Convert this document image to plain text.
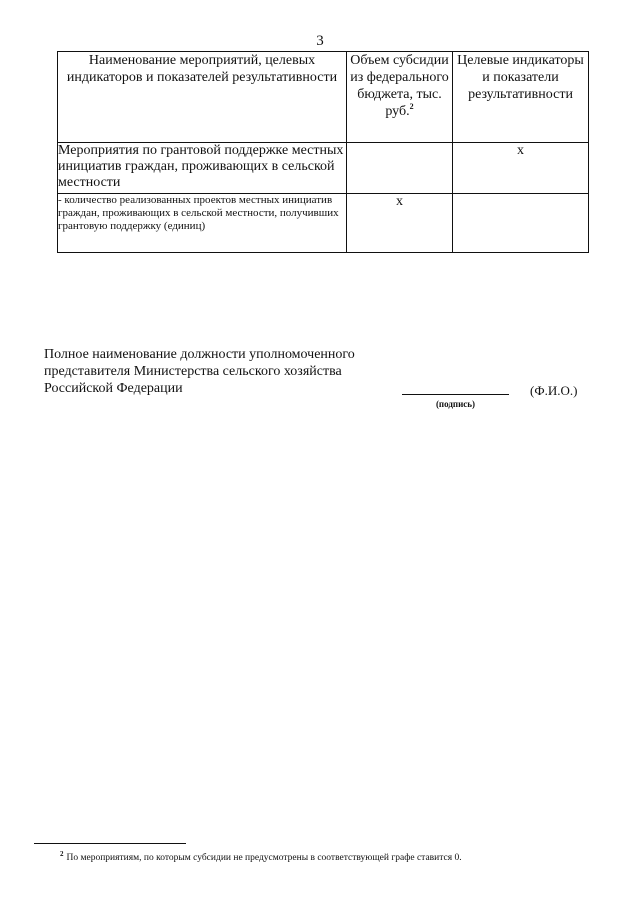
3
Наименование мероприятий, целевых индикаторов и показателей результативности	Объем субсидии из федерального бюджета, тыс. руб.$^2$	Целевые индикаторы и показатели результативности
Мероприятия по грантовой поддержке местных инициатив граждан, проживающих в сельской местности		х
- количество реализованных проектов местных инициатив граждан, проживающих в сельской местности, получивших грантовую поддержку (единиц)	х	
Полное наименование должности уполномоченного представителя Министерства сельского хозяйства Российской Федерации
(подпись)
(Ф.И.О.)
$^2$ По мероприятиям, по которым субсидии не предусмотрены в соответствующей графе ставится 0.
